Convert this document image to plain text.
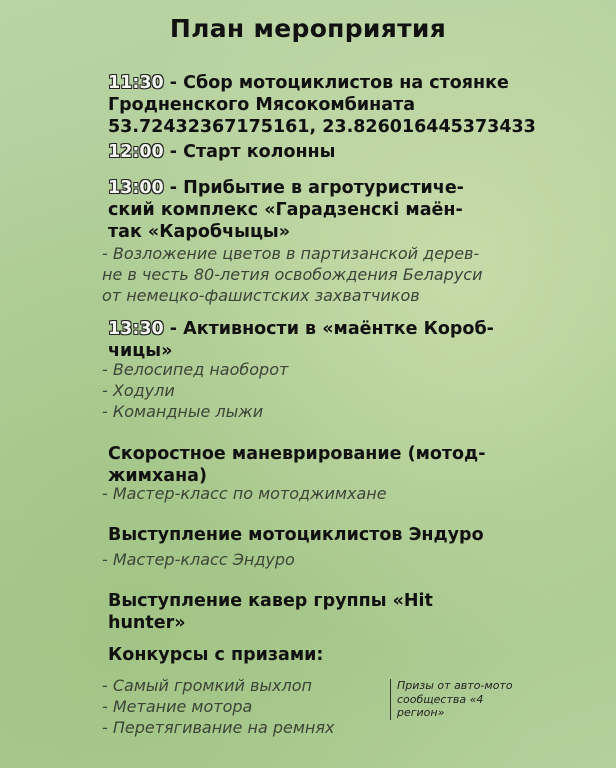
План мероприятия
11:30 - Сбор мотоциклистов на стоянке
Гродненского Мясокомбината
53.72432367175161, 23.826016445373433
12:00 - Старт колонны
13:00 - Прибытие в агротуристиче-
ский комплекс «Гарадзенскі маён-
так «Каробчыцы»
- Возложение цветов в партизанской дерев-
не в честь 80-летия освобождения Беларуси
от немецко-фашистских захватчиков
13:30 - Активности в «маёнтке Короб-
чицы»
- Велосипед наоборот
- Ходули
- Командные лыжи
Скоростное маневрирование (мотод-
жимхана)
- Мастер-класс по мотоджимхане
Выступление мотоциклистов Эндуро
- Мастер-класс Эндуро
Выступление кавер группы «Hit
hunter»
Конкурсы с призами:
- Самый громкий выхлоп
- Метание мотора
- Перетягивание на ремнях
Призы от авто-мото
сообщества «4
регион»
